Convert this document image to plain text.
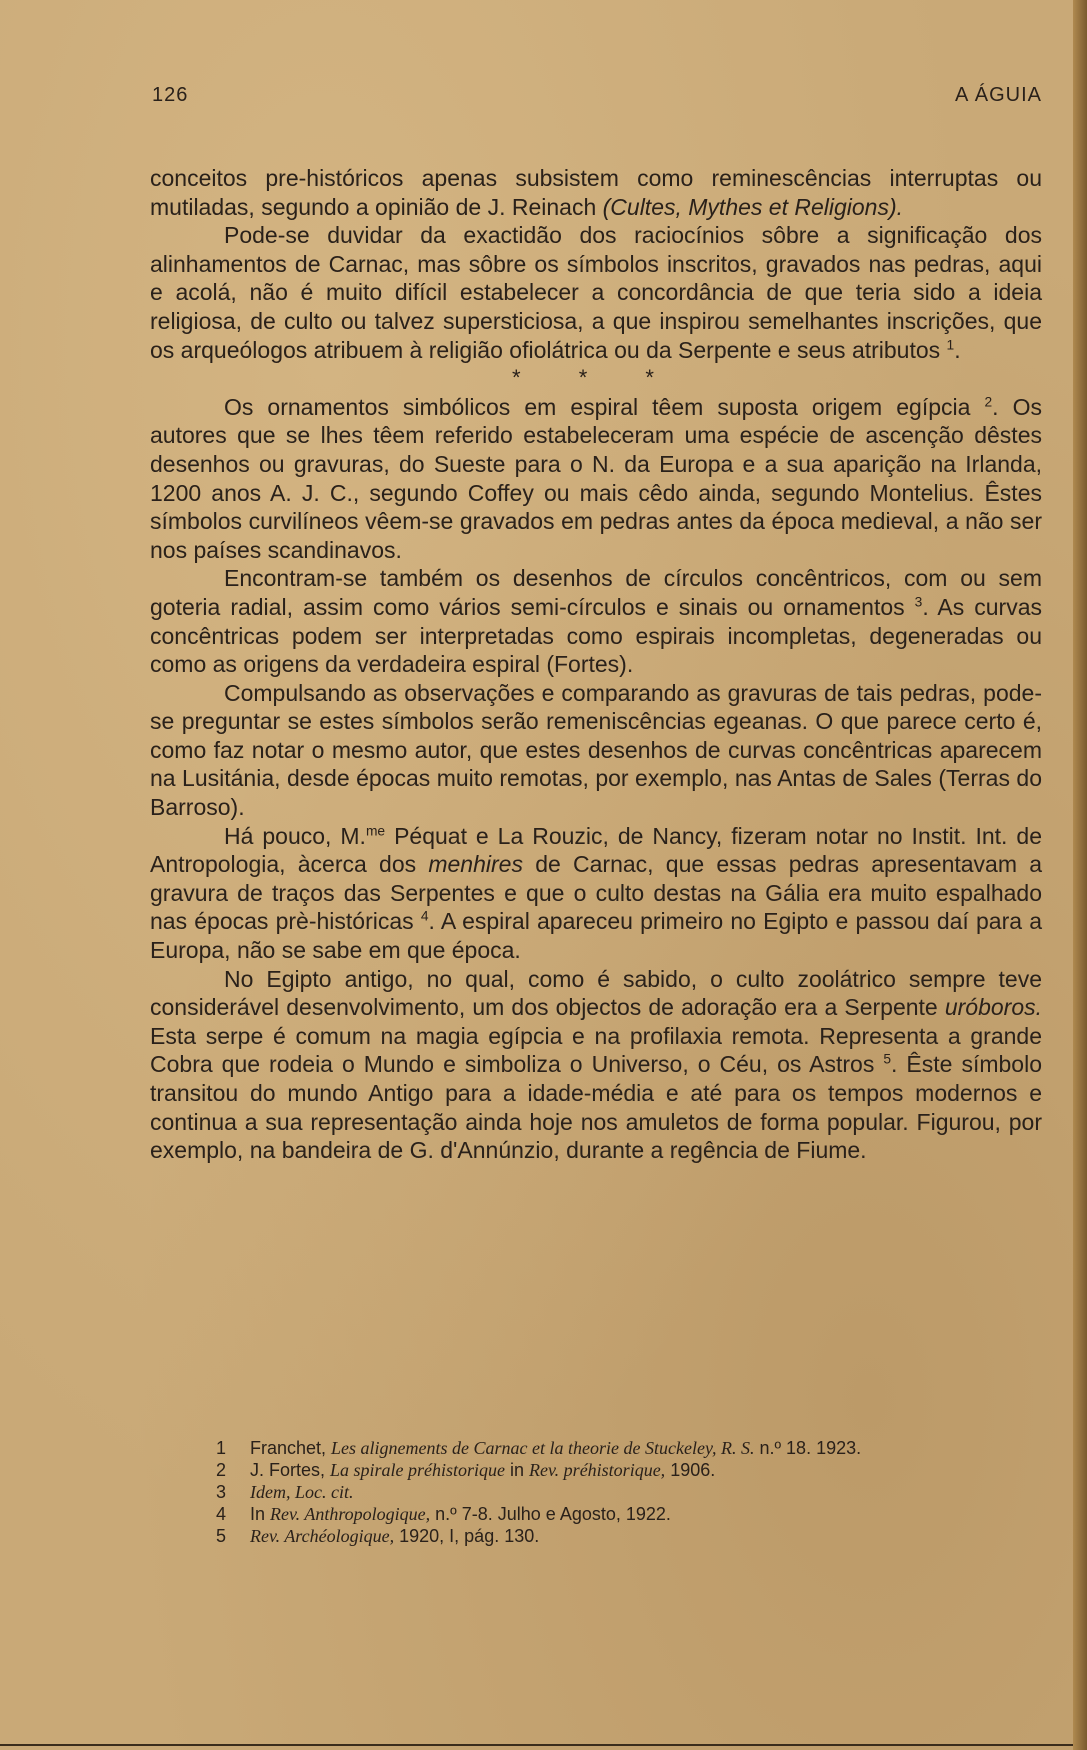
126	A ÁGUIA

conceitos pre-históricos apenas subsistem como reminescências interruptas ou mutiladas, segundo a opinião de J. Reinach (Cultes, Mythes et Religions).

Pode-se duvidar da exactidão dos raciocínios sôbre a significação dos alinhamentos de Carnac, mas sôbre os símbolos inscritos, gravados nas pedras, aqui e acolá, não é muito difícil estabelecer a concordância de que teria sido a ideia religiosa, de culto ou talvez supersticiosa, a que inspirou semelhantes inscrições, que os arqueólogos atribuem à religião ofiolátrica ou da Serpente e seus atributos $^1$.

* * *

Os ornamentos simbólicos em espiral têem suposta origem egípcia $^2$. Os autores que se lhes têem referido estabeleceram uma espécie de ascenção dêstes desenhos ou gravuras, do Sueste para o N. da Europa e a sua aparição na Irlanda, 1200 anos A. J. C., segundo Coffey ou mais cêdo ainda, segundo Montelius. Êstes símbolos curvilíneos vêem-se gravados em pedras antes da época medieval, a não ser nos países scandinavos.

Encontram-se também os desenhos de círculos concêntricos, com ou sem goteria radial, assim como vários semi-círculos e sinais ou ornamentos $^3$. As curvas concêntricas podem ser interpretadas como espirais incompletas, degeneradas ou como as origens da verdadeira espiral (Fortes).

Compulsando as observações e comparando as gravuras de tais pedras, pode-se preguntar se estes símbolos serão remeniscências egeanas. O que parece certo é, como faz notar o mesmo autor, que estes desenhos de curvas concêntricas aparecem na Lusitánia, desde épocas muito remotas, por exemplo, nas Antas de Sales (Terras do Barroso).

Há pouco, M.$^{me}$ Péquat e La Rouzic, de Nancy, fizeram notar no Instit. Int. de Antropologia, àcerca dos menhires de Carnac, que essas pedras apresentavam a gravura de traços das Serpentes e que o culto destas na Gália era muito espalhado nas épocas prè-históricas $^4$. A espiral apareceu primeiro no Egipto e passou daí para a Europa, não se sabe em que época.

No Egipto antigo, no qual, como é sabido, o culto zoolátrico sempre teve considerável desenvolvimento, um dos objectos de adoração era a Serpente uróboros. Esta serpe é comum na magia egípcia e na profilaxia remota. Representa a grande Cobra que rodeia o Mundo e simboliza o Universo, o Céu, os Astros $^5$. Êste símbolo transitou do mundo Antigo para a idade-média e até para os tempos modernos e continua a sua representação ainda hoje nos amuletos de forma popular. Figurou, por exemplo, na bandeira de G. d'Annúnzio, durante a regência de Fiume.

1	Franchet, Les alignements de Carnac et la theorie de Stuckeley, R. S. n.º 18. 1923.
2	J. Fortes, La spirale préhistorique in Rev. préhistorique, 1906.
3	Idem, Loc. cit.
4	In Rev. Anthropologique, n.º 7-8. Julho e Agosto, 1922.
5	Rev. Archéologique, 1920, I, pág. 130.
